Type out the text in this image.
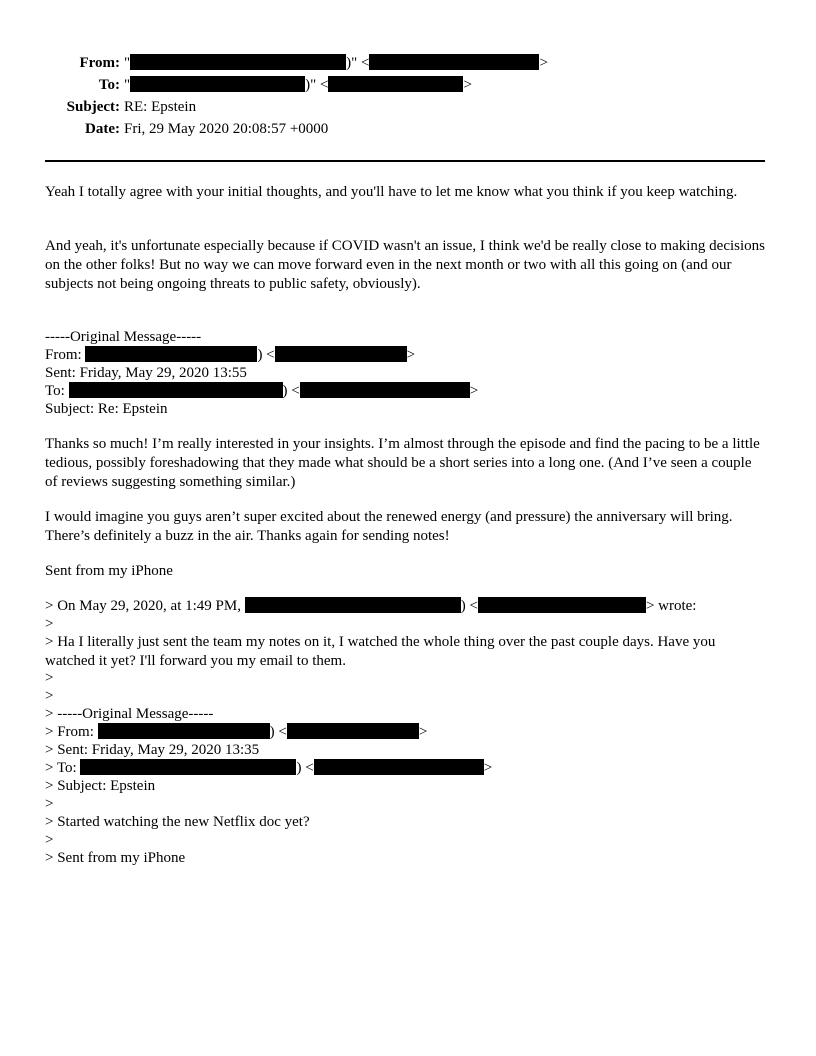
From: "	)" <	>
To: "	)" <	>
Subject: RE: Epstein
Date: Fri, 29 May 2020 20:08:57 +0000

Yeah I totally agree with your initial thoughts, and you'll have to let me know what you think if you keep watching.

And yeah, it's unfortunate especially because if COVID wasn't an issue, I think we'd be really close to making decisions on the other folks! But no way we can move forward even in the next month or two with all this going on (and our subjects not being ongoing threats to public safety, obviously).

-----Original Message-----
From:	) <	>
Sent: Friday, May 29, 2020 13:55
To:	) <	>
Subject: Re: Epstein

Thanks so much! I’m really interested in your insights. I’m almost through the episode and find the pacing to be a little tedious, possibly foreshadowing that they made what should be a short series into a long one. (And I’ve seen a couple of reviews suggesting something similar.)

I would imagine you guys aren’t super excited about the renewed energy (and pressure) the anniversary will bring. There’s definitely a buzz in the air. Thanks again for sending notes!

Sent from my iPhone
> On May 29, 2020, at 1:49 PM,	) <	> wrote:
>

> Ha I literally just sent the team my notes on it, I watched the whole thing over the past couple days. Have you watched it yet? I'll forward you my email to them.

>
>
> -----Original Message-----
> From:	) <	>
> Sent: Friday, May 29, 2020 13:35
> To:	) <	>
> Subject: Epstein
>
> Started watching the new Netflix doc yet?
>
> Sent from my iPhone
